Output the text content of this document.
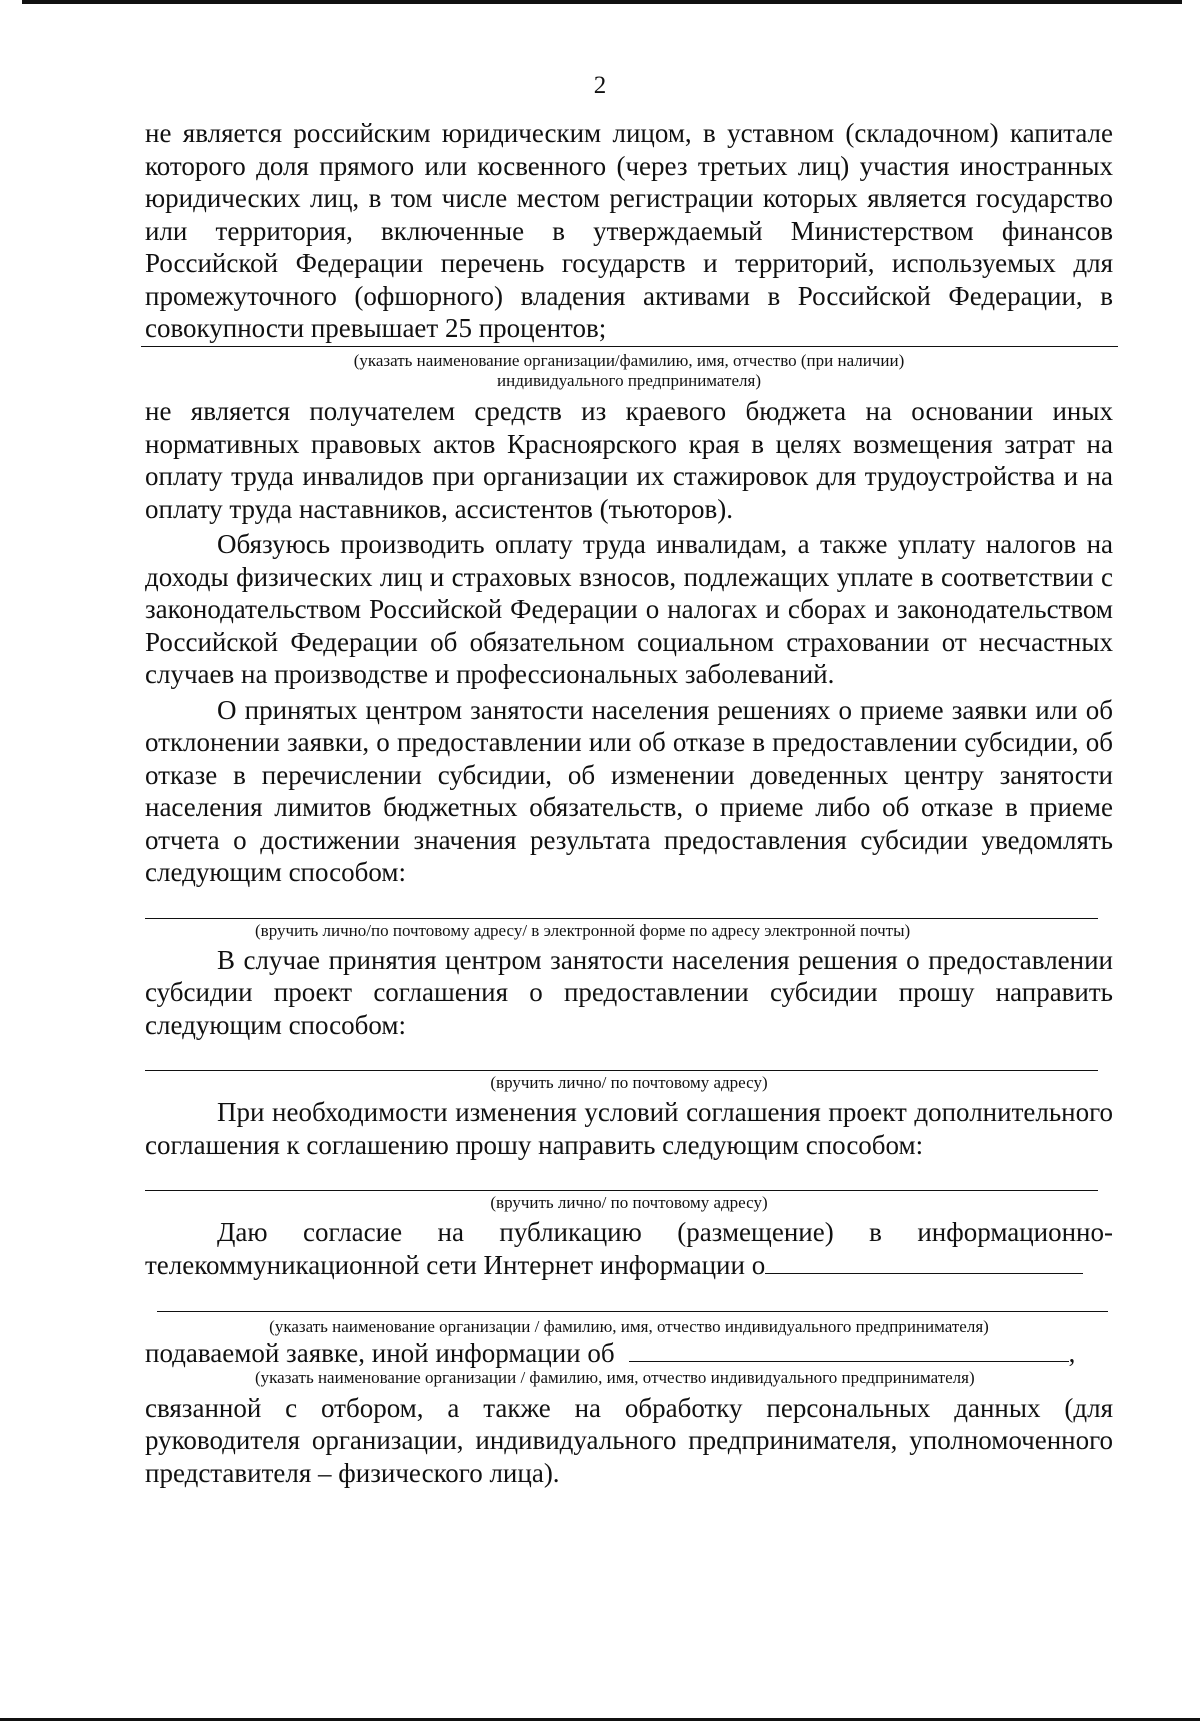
2

не является российским юридическим лицом, в уставном (складочном) капитале которого доля прямого или косвенного (через третьих лиц) участия иностранных юридических лиц, в том числе местом регистрации которых является государство или территория, включенные в утверждаемый Министерством финансов Российской Федерации перечень государств и территорий, используемых для промежуточного (офшорного) владения активами в Российской Федерации, в совокупности превышает 25 процентов;

(указать наименование организации/фамилию, имя, отчество (при наличии)

индивидуального предпринимателя)

не является получателем средств из краевого бюджета на основании иных нормативных правовых актов Красноярского края в целях возмещения затрат на оплату труда инвалидов при организации их стажировок для трудоустройства и на оплату труда наставников, ассистентов (тьюторов).

Обязуюсь производить оплату труда инвалидам, а также уплату налогов на доходы физических лиц и страховых взносов, подлежащих уплате в соответствии с законодательством Российской Федерации о налогах и сборах и законодательством Российской Федерации об обязательном социальном страховании от несчастных случаев на производстве и профессиональных заболеваний.

О принятых центром занятости населения решениях о приеме заявки или об отклонении заявки, о предоставлении или об отказе в предоставлении субсидии, об отказе в перечислении субсидии, об изменении доведенных центру занятости населения лимитов бюджетных обязательств, о приеме либо об отказе в приеме отчета о достижении значения результата предоставления субсидии уведомлять следующим способом:

(вручить лично/по почтовому адресу/ в электронной форме по адресу электронной почты)

В случае принятия центром занятости населения решения о предоставлении субсидии проект соглашения о предоставлении субсидии прошу направить следующим способом:

(вручить лично/ по почтовому адресу)

При необходимости изменения условий соглашения проект дополнительного соглашения к соглашению прошу направить следующим способом:

(вручить лично/ по почтовому адресу)

Даю согласие на публикацию (размещение) в информационно-телекоммуникационной сети Интернет информации о

(указать наименование организации / фамилию, имя, отчество индивидуального предпринимателя)

подаваемой заявке, иной информации об	,

(указать наименование организации / фамилию, имя, отчество индивидуального предпринимателя)

связанной с отбором, а также на обработку персональных данных (для руководителя организации, индивидуального предпринимателя, уполномоченного представителя – физического лица).
